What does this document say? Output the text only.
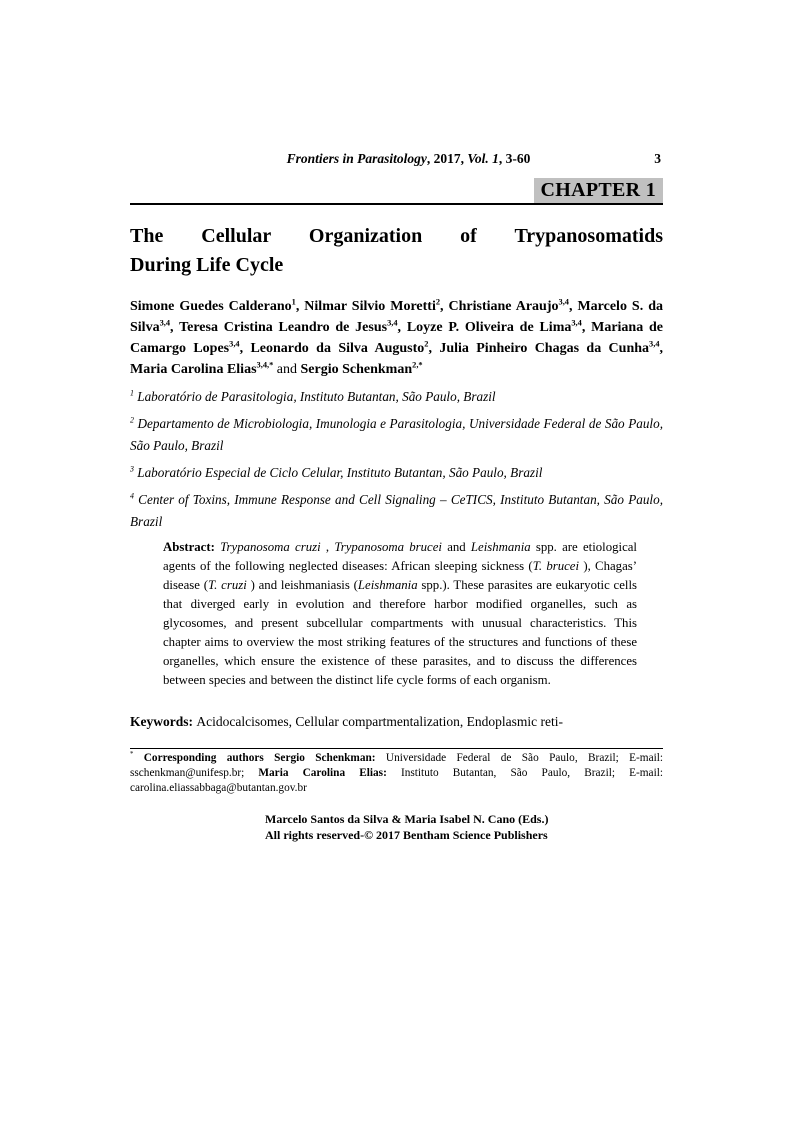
Frontiers in Parasitology, 2017, Vol. 1, 3-60	3
CHAPTER 1
The Cellular Organization of Trypanosomatids
During Life Cycle

Simone Guedes Calderano$^1$, Nilmar Silvio Moretti$^2$, Christiane Araujo$^{3,4}$, Marcelo S. da Silva$^{3,4}$, Teresa Cristina Leandro de Jesus$^{3,4}$, Loyze P. Oliveira de Lima$^{3,4}$, Mariana de Camargo Lopes$^{3,4}$, Leonardo da Silva Augusto$^2$, Julia Pinheiro Chagas da Cunha$^{3,4}$, Maria Carolina Elias$^{3,4,*}$ and Sergio Schenkman$^{2,*}$

$^1$ Laboratório de Parasitologia, Instituto Butantan, São Paulo, Brazil

$^2$ Departamento de Microbiologia, Imunologia e Parasitologia, Universidade Federal de São Paulo, São Paulo, Brazil

$^3$ Laboratório Especial de Ciclo Celular, Instituto Butantan, São Paulo, Brazil

$^4$ Center of Toxins, Immune Response and Cell Signaling – CeTICS, Instituto Butantan, São Paulo, Brazil

Abstract: Trypanosoma cruzi , Trypanosoma brucei and Leishmania spp. are etiological agents of the following neglected diseases: African sleeping sickness (T. brucei ), Chagas’ disease (T. cruzi ) and leishmaniasis (Leishmania spp.). These parasites are eukaryotic cells that diverged early in evolution and therefore harbor modified organelles, such as glycosomes, and present subcellular compartments with unusual characteristics. This chapter aims to overview the most striking features of the structures and functions of these organelles, which ensure the existence of these parasites, and to discuss the differences between species and between the distinct life cycle forms of each organism.

Keywords: Acidocalcisomes, Cellular compartmentalization, Endoplasmic reti-

* Corresponding authors Sergio Schenkman: Universidade Federal de São Paulo, Brazil; E-mail: sschenkman@unifesp.br; Maria Carolina Elias: Instituto Butantan, São Paulo, Brazil; E-mail: carolina.eliassabbaga@butantan.gov.br

Marcelo Santos da Silva & Maria Isabel N. Cano (Eds.)
All rights reserved-© 2017 Bentham Science Publishers
